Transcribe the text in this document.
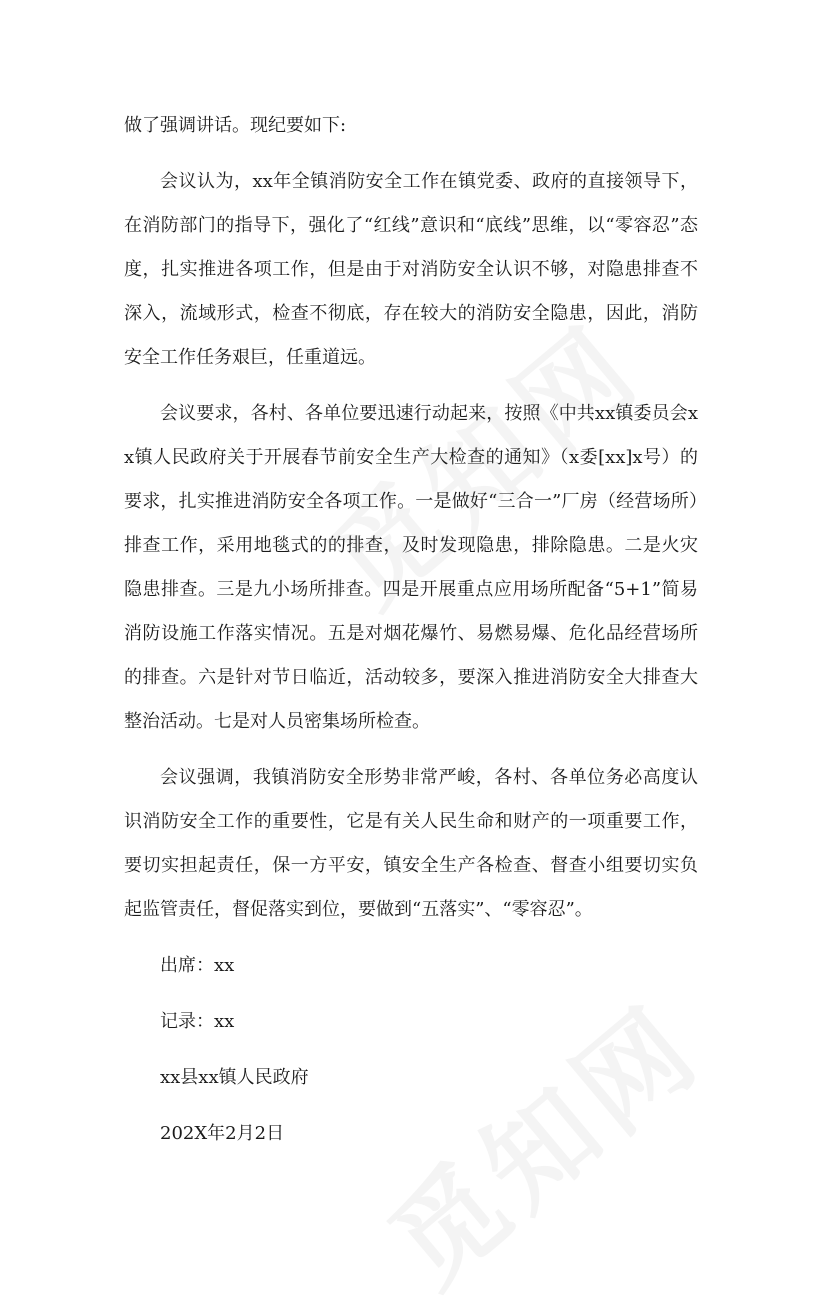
做了强调讲话。现纪要如下:

会议认为，xx年全镇消防安全工作在镇党委、政府的直接领导下，在消防部门的指导下，强化了“红线”意识和“底线”思维，以“零容忍”态度，扎实推进各项工作，但是由于对消防安全认识不够，对隐患排查不深入，流域形式，检查不彻底，存在较大的消防安全隐患，因此，消防安全工作任务艰巨，任重道远。

会议要求，各村、各单位要迅速行动起来，按照《中共xx镇委员会xx镇人民政府关于开展春节前安全生产大检查的通知》（x委[xx]x号）的要求，扎实推进消防安全各项工作。一是做好“三合一”厂房（经营场所）排查工作，采用地毯式的的排查，及时发现隐患，排除隐患。二是火灾隐患排查。三是九小场所排查。四是开展重点应用场所配备“5+1”简易消防设施工作落实情况。五是对烟花爆竹、易燃易爆、危化品经营场所的排查。六是针对节日临近，活动较多，要深入推进消防安全大排查大整治活动。七是对人员密集场所检查。

会议强调，我镇消防安全形势非常严峻，各村、各单位务必高度认识消防安全工作的重要性，它是有关人民生命和财产的一项重要工作，要切实担起责任，保一方平安，镇安全生产各检查、督查小组要切实负起监管责任，督促落实到位，要做到“五落实”、“零容忍”。

出席：xx
记录：xx
xx县xx镇人民政府
202X年2月2日
